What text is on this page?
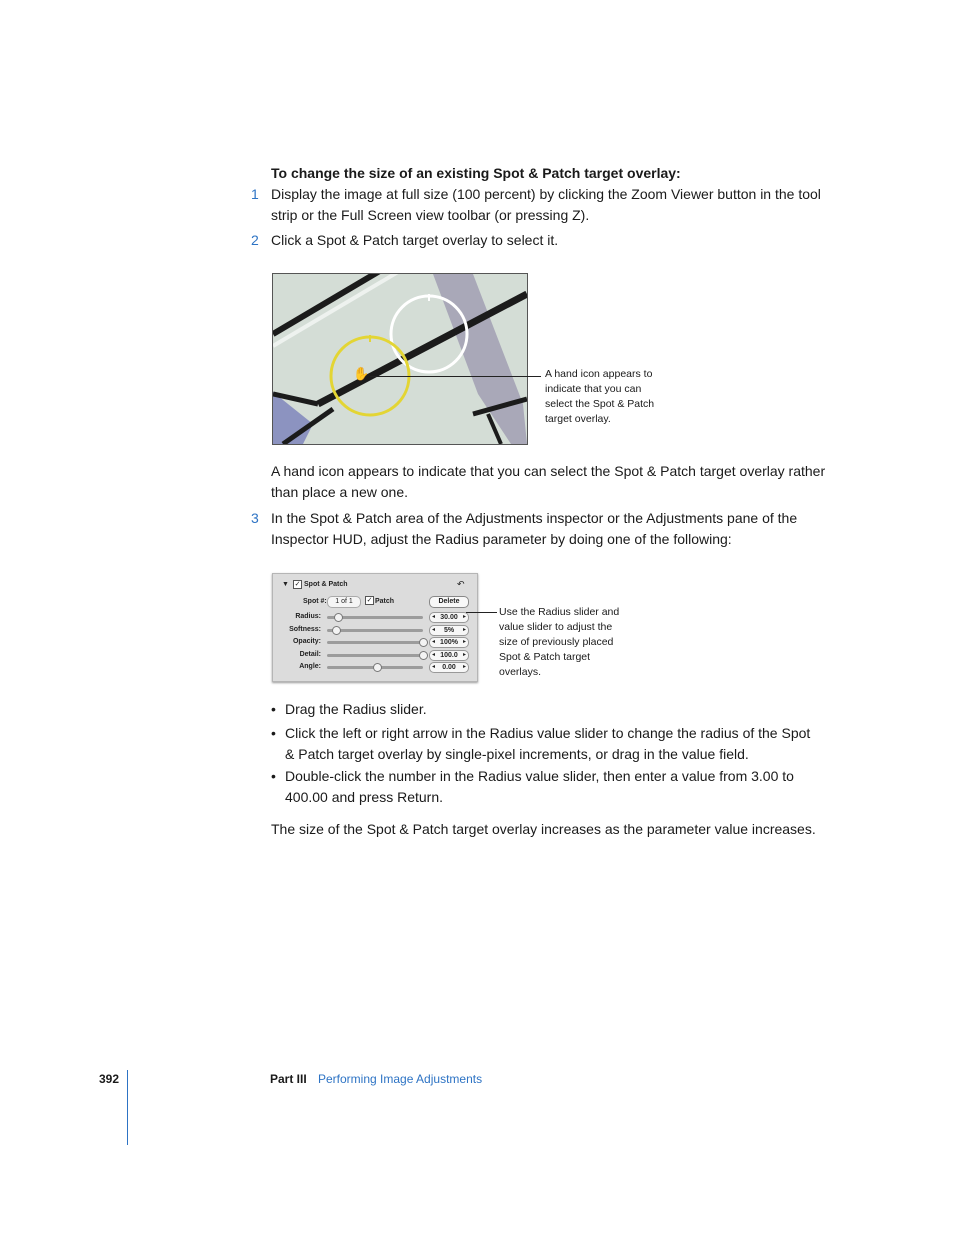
To change the size of an existing Spot & Patch target overlay:
1 Display the image at full size (100 percent) by clicking the Zoom Viewer button in the tool strip or the Full Screen view toolbar (or pressing Z).
2 Click a Spot & Patch target overlay to select it.
✋	A hand icon appears to indicate that you can select the Spot & Patch target overlay.
A hand icon appears to indicate that you can select the Spot & Patch target overlay rather than place a new one.
3 In the Spot & Patch area of the Adjustments inspector or the Adjustments pane of the Inspector HUD, adjust the Radius parameter by doing one of the following:
▼ ✓ Spot & Patch	↶
Spot #:	1 of 1	✓ Patch	Delete
Radius:	◂ 30.00 ▸
Softness:	◂	5%	▸
Opacity:	◂ 100% ▸
Detail:	◂ 100.0 ▸
Angle:	◂	0.00	▸
Use the Radius slider and value slider to adjust the size of previously placed Spot & Patch target overlays.
• Drag the Radius slider.
• Click the left or right arrow in the Radius value slider to change the radius of the Spot & Patch target overlay by single-pixel increments, or drag in the value field.
• Double-click the number in the Radius value slider, then enter a value from 3.00 to 400.00 and press Return.
The size of the Spot & Patch target overlay increases as the parameter value increases.
392	Part III Performing Image Adjustments
